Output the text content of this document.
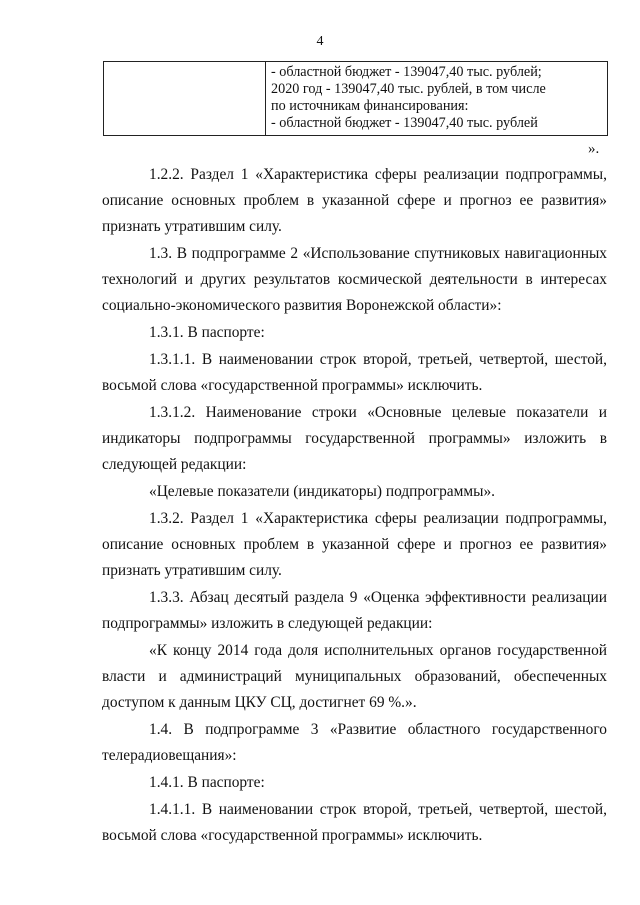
4

- областной бюджет - 139047,40 тыс. рублей;
2020 год - 139047,40 тыс. рублей, в том числе
по источникам финансирования:
- областной бюджет - 139047,40 тыс. рублей
».

1.2.2. Раздел 1 «Характеристика сферы реализации подпрограммы, описание основных проблем в указанной сфере и прогноз ее развития» признать утратившим силу.

1.3. В подпрограмме 2 «Использование спутниковых навигационных технологий и других результатов космической деятельности в интересах социально-экономического развития Воронежской области»:

1.3.1. В паспорте:

1.3.1.1. В наименовании строк второй, третьей, четвертой, шестой, восьмой слова «государственной программы» исключить.

1.3.1.2. Наименование строки «Основные целевые показатели и индикаторы подпрограммы государственной программы» изложить в следующей редакции:

«Целевые показатели (индикаторы) подпрограммы».

1.3.2. Раздел 1 «Характеристика сферы реализации подпрограммы, описание основных проблем в указанной сфере и прогноз ее развития» признать утратившим силу.

1.3.3. Абзац десятый раздела 9 «Оценка эффективности реализации подпрограммы» изложить в следующей редакции:

«К концу 2014 года доля исполнительных органов государственной власти и администраций муниципальных образований, обеспеченных доступом к данным ЦКУ СЦ, достигнет 69 %.».

1.4. В подпрограмме 3 «Развитие областного государственного телерадиовещания»:

1.4.1. В паспорте:

1.4.1.1. В наименовании строк второй, третьей, четвертой, шестой, восьмой слова «государственной программы» исключить.
